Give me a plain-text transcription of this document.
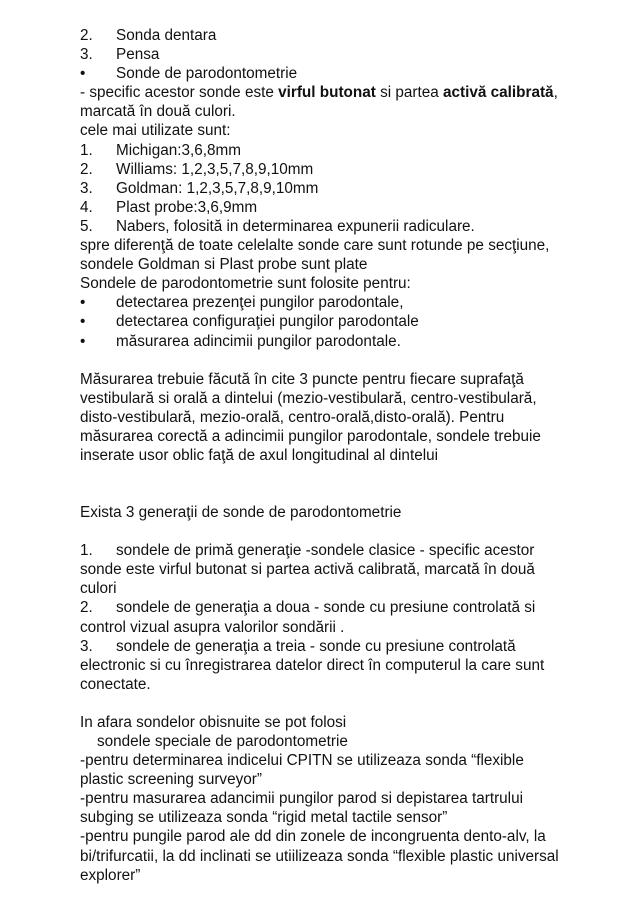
2. Sonda dentara
3. Pensa
• Sonde de parodontometrie
- specific acestor sonde este virful butonat si partea activă calibrată,
marcată în două culori.
cele mai utilizate sunt:
1. Michigan:3,6,8mm
2. Williams: 1,2,3,5,7,8,9,10mm
3. Goldman: 1,2,3,5,7,8,9,10mm
4. Plast probe:3,6,9mm
5. Nabers, folosită in determinarea expunerii radiculare.
spre diferenţă de toate celelalte sonde care sunt rotunde pe secţiune,
sondele Goldman si Plast probe sunt plate
Sondele de parodontometrie sunt folosite pentru:
• detectarea prezenţei pungilor parodontale,
• detectarea configuraţiei pungilor parodontale
• măsurarea adincimii pungilor parodontale.
Măsurarea trebuie făcută în cite 3 puncte pentru fiecare suprafaţă
vestibulară si orală a dintelui (mezio-vestibulară, centro-vestibulară,
disto-vestibulară, mezio-orală, centro-orală,disto-orală). Pentru
măsurarea corectă a adincimii pungilor parodontale, sondele trebuie
inserate usor oblic faţă de axul longitudinal al dintelui
Exista 3 generaţii de sonde de parodontometrie
1. sondele de primă generaţie -sondele clasice - specific acestor
sonde este virful butonat si partea activă calibrată, marcată în două
culori
2. sondele de generaţia a doua - sonde cu presiune controlată si
control vizual asupra valorilor sondării .
3. sondele de generaţia a treia - sonde cu presiune controlată
electronic si cu înregistrarea datelor direct în computerul la care sunt
conectate.
In afara sondelor obisnuite se pot folosi
sondele speciale de parodontometrie
-pentru determinarea indicelui CPITN se utilizeaza sonda “flexible
plastic screening surveyor”
-pentru masurarea adancimii pungilor parod si depistarea tartrului
subging se utilizeaza sonda “rigid metal tactile sensor”
-pentru pungile parod ale dd din zonele de incongruenta dento-alv, la
bi/trifurcatii, la dd inclinati se utiilizeaza sonda “flexible plastic universal
explorer”
